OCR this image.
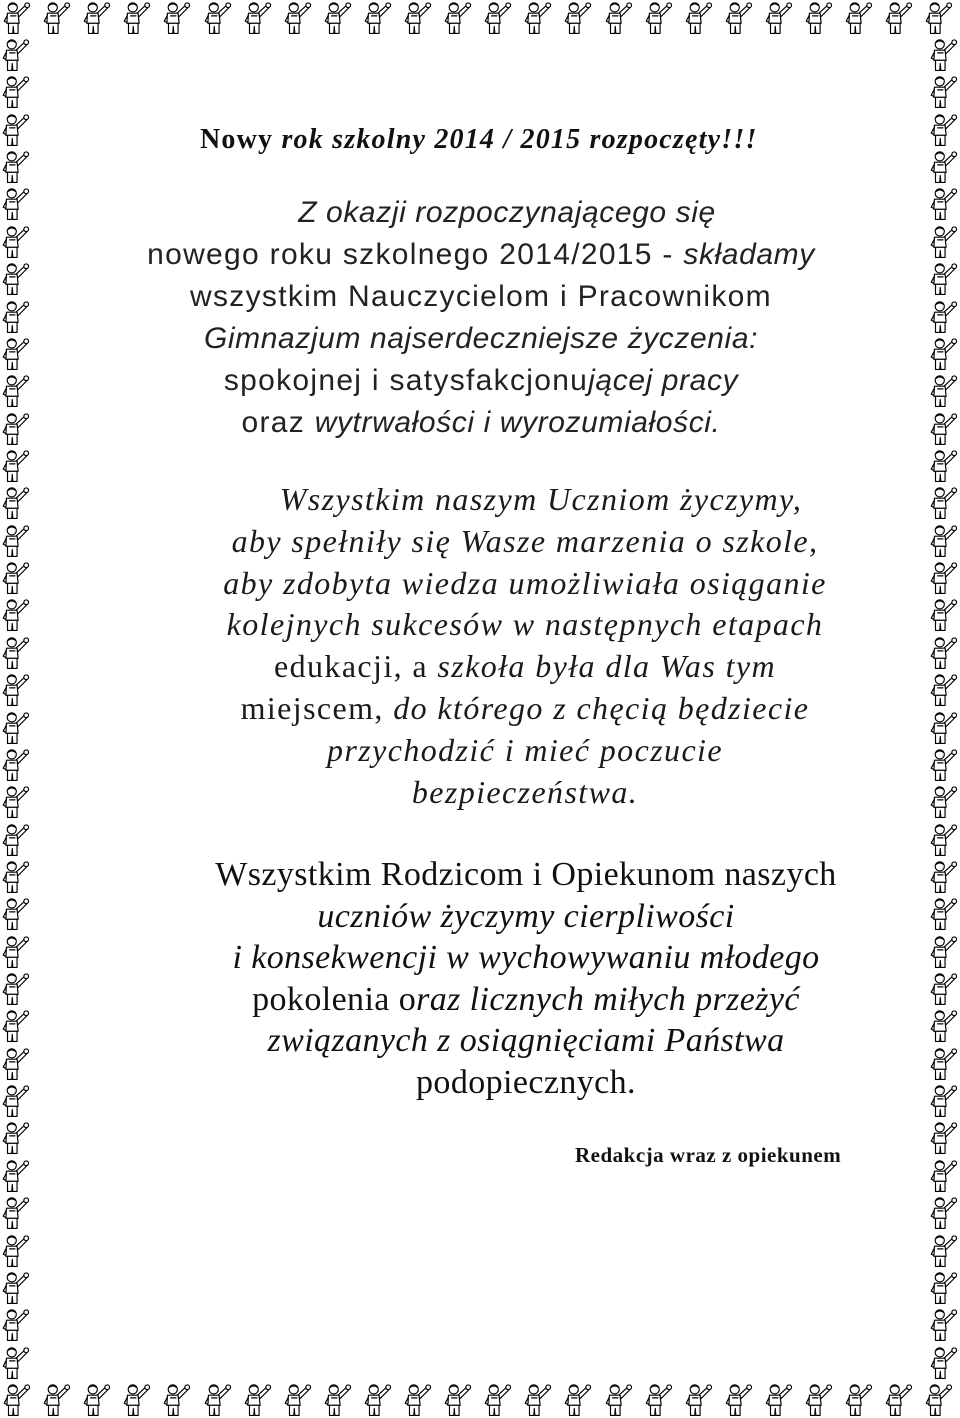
Nowy rok szkolny 2014 / 2015 rozpoczęty!!!
Z okazji rozpoczynającego się
nowego roku szkolnego 2014/2015 - składamy
wszystkim Nauczycielom i Pracownikom
Gimnazjum najserdeczniejsze życzenia:
spokojnej i satysfakcjonującej pracy
oraz wytrwałości i wyrozumiałości.
Wszystkim naszym Uczniom życzymy,
aby spełniły się Wasze marzenia o szkole,
aby zdobyta wiedza umożliwiała osiąganie
kolejnych sukcesów w następnych etapach
edukacji, a szkoła była dla Was tym
miejscem, do którego z chęcią będziecie
przychodzić i mieć poczucie
bezpieczeństwa.
Wszystkim Rodzicom i Opiekunom naszych
uczniów życzymy cierpliwości
i konsekwencji w wychowywaniu młodego
pokolenia oraz licznych miłych przeżyć
związanych z osiągnięciami Państwa
podopiecznych.
Redakcja wraz z opiekunem
